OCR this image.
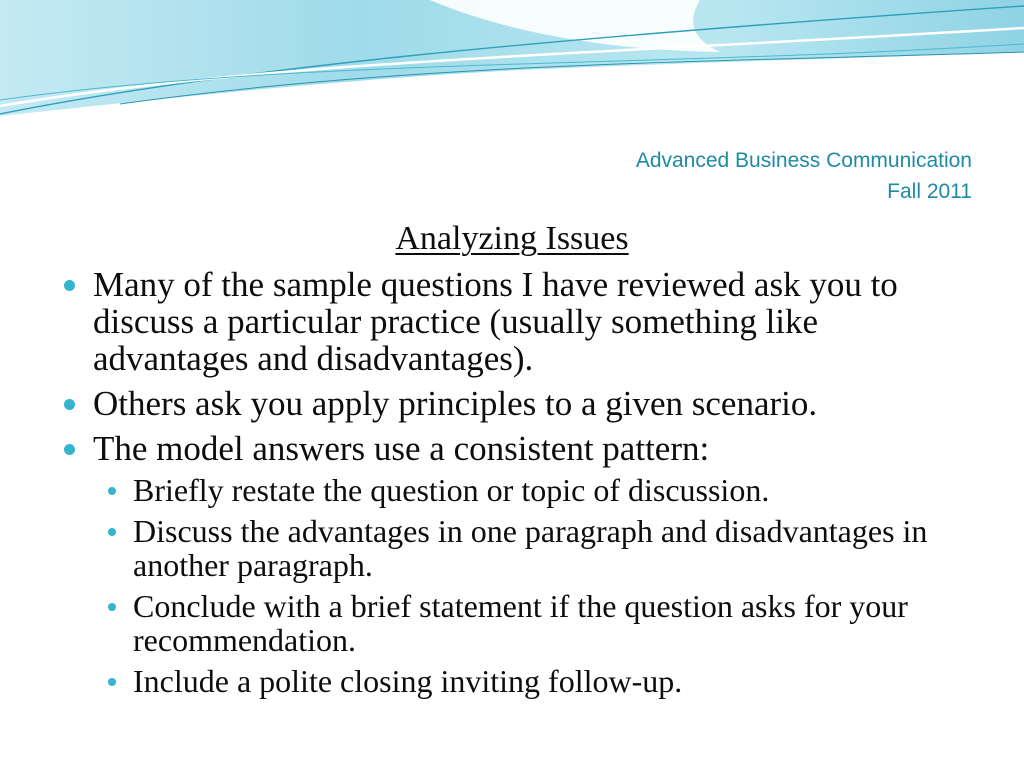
Advanced Business Communication
Fall 2011
Analyzing Issues
Many of the sample questions I have reviewed ask you to discuss a particular practice (usually something like advantages and disadvantages).
Others ask you apply principles to a given scenario.
The model answers use a consistent pattern:
Briefly restate the question or topic of discussion.
Discuss the advantages in one paragraph and disadvantages in another paragraph.
Conclude with a brief statement if the question asks for your recommendation.
Include a polite closing inviting follow-up.
